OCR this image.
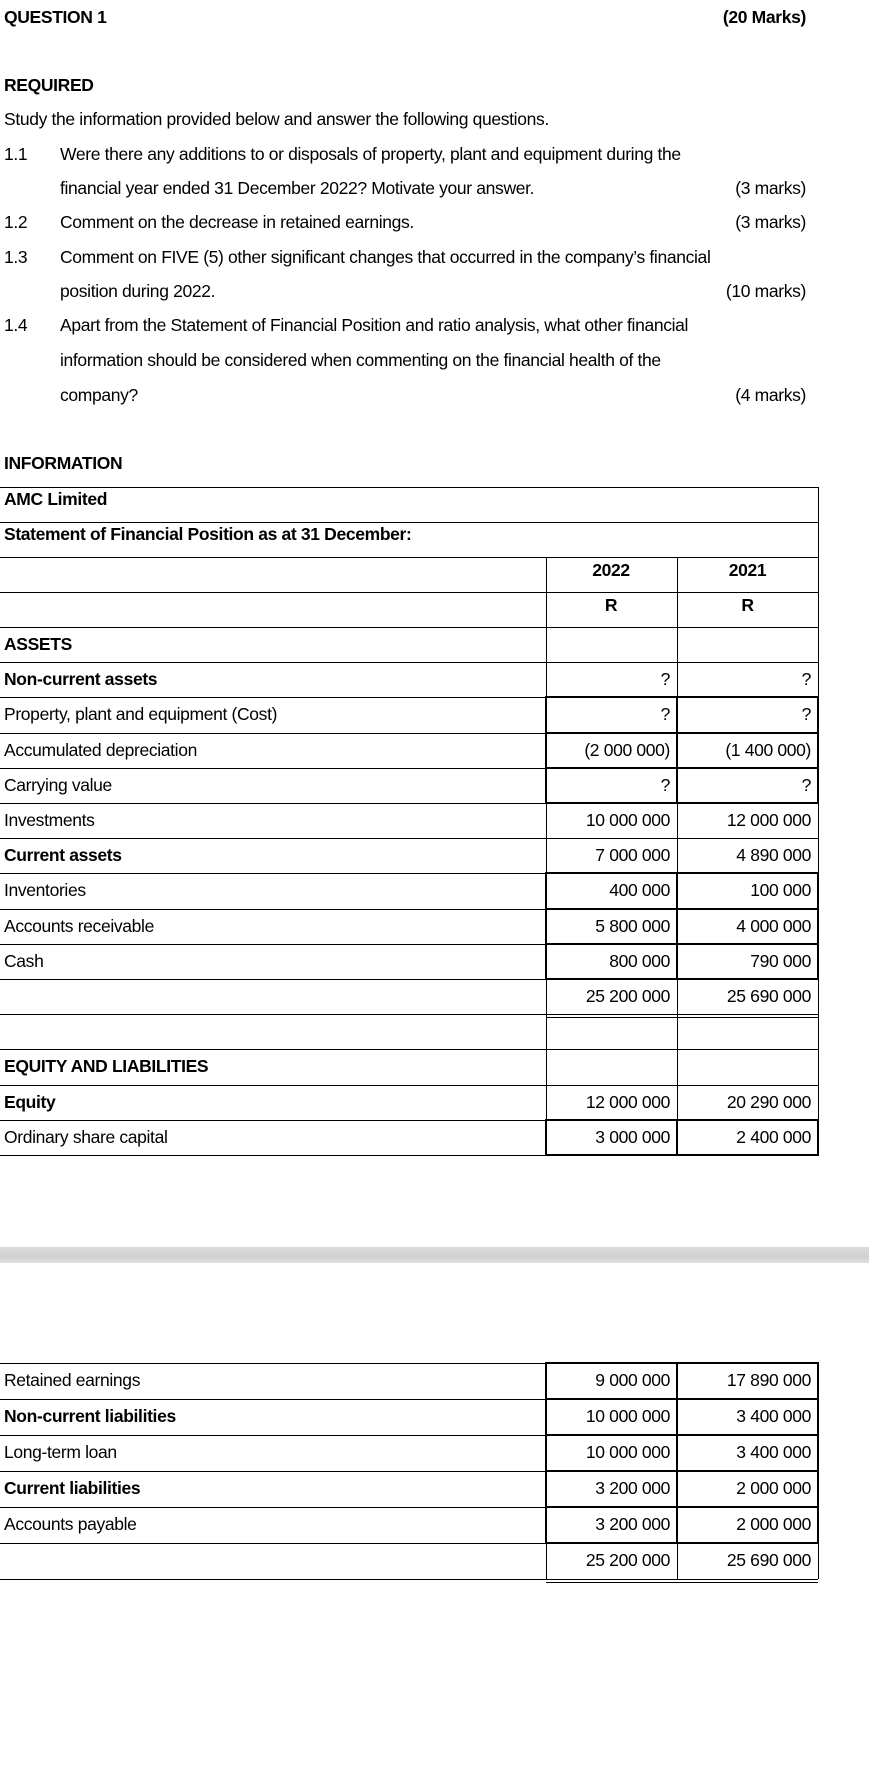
QUESTION 1	(20 Marks)
REQUIRED
Study the information provided below and answer the following questions.
1.1 Were there any additions to or disposals of property, plant and equipment during the
financial year ended 31 December 2022? Motivate your answer.	(3 marks)
1.2 Comment on the decrease in retained earnings.	(3 marks)
1.3 Comment on FIVE (5) other significant changes that occurred in the company’s financial
position during 2022.	(10 marks)
1.4 Apart from the Statement of Financial Position and ratio analysis, what other financial
information should be considered when commenting on the financial health of the
company?	(4 marks)
INFORMATION
AMC Limited
Statement of Financial Position as at 31 December:
2022	2021
R	R
ASSETS
Non-current assets	?	?
Property, plant and equipment (Cost)	?	?
Accumulated depreciation	(2 000 000)	(1 400 000)
Carrying value	?	?
Investments	10 000 000	12 000 000
Current assets	7 000 000	4 890 000
Inventories	400 000	100 000
Accounts receivable	5 800 000	4 000 000
Cash	800 000	790 000
25 200 000	25 690 000
EQUITY AND LIABILITIES
Equity	12 000 000	20 290 000
Ordinary share capital	3 000 000	2 400 000
Retained earnings	9 000 000	17 890 000
Non-current liabilities	10 000 000	3 400 000
Long-term loan	10 000 000	3 400 000
Current liabilities	3 200 000	2 000 000
Accounts payable	3 200 000	2 000 000
25 200 000	25 690 000
